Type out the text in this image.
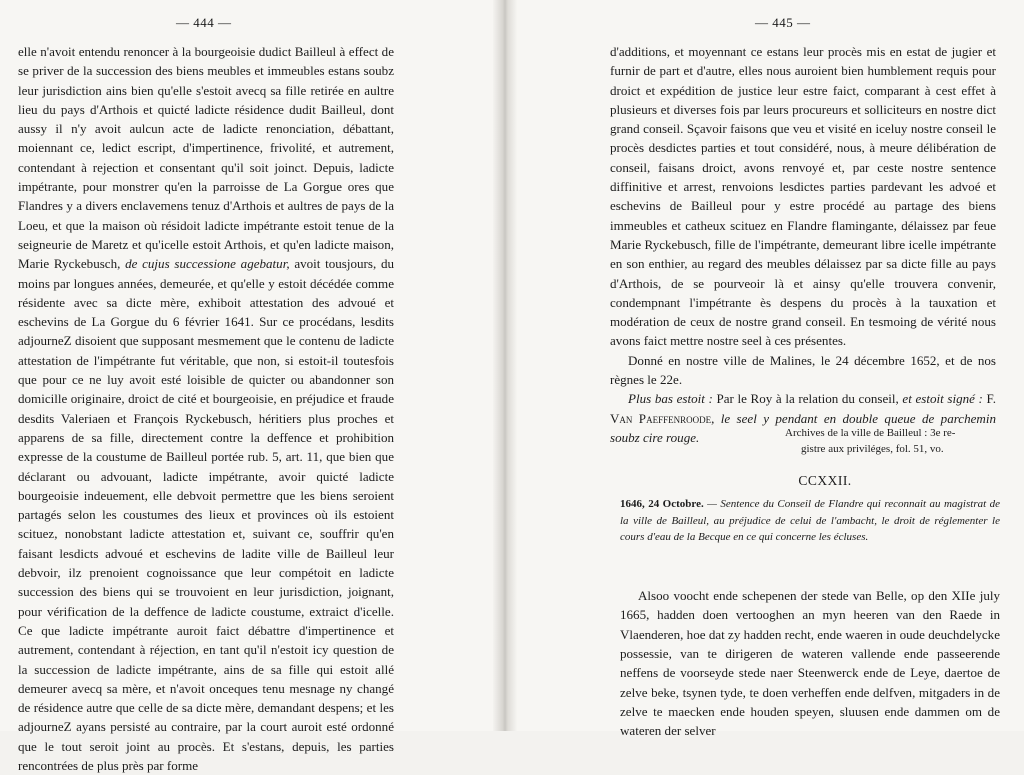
— 444 —

elle n'avoit entendu renoncer à la bourgeoisie dudict Bailleul à effect de se priver de la succession des biens meubles et immeubles estans soubz leur jurisdiction ains bien qu'elle s'estoit avecq sa fille retirée en aultre lieu du pays d'Arthois et quicté ladicte résidence dudit Bailleul, dont aussy il n'y avoit aulcun acte de ladicte renonciation, débattant, moiennant ce, ledict escript, d'impertinence, frivolité, et autrement, contendant à rejection et consentant qu'il soit joinct. Depuis, ladicte impétrante, pour monstrer qu'en la parroisse de La Gorgue ores que Flandres y a divers enclavemens tenuz d'Arthois et aultres de pays de la Loeu, et que la maison où résidoit ladicte impétrante estoit tenue de la seigneurie de Maretz et qu'icelle estoit Arthois, et qu'en ladicte maison, Marie Ryckebusch, de cujus successione agebatur, avoit tousjours, du moins par longues années, demeurée, et qu'elle y estoit décédée comme résidente avec sa dicte mère, exhiboit attestation des advoué et eschevins de La Gorgue du 6 février 1641. Sur ce procédans, lesdits adjourneZ disoient que supposant mesmement que le contenu de ladicte attestation de l'impétrante fut véritable, que non, si estoit-il toutesfois que pour ce ne luy avoit esté loisible de quicter ou abandonner son domicille originaire, droict de cité et bourgeoisie, en préjudice et fraude desdits Valeriaen et François Ryckebusch, héritiers plus proches et apparens de sa fille, directement contre la deffence et prohibition expresse de la coustume de Bailleul portée rub. 5, art. 11, que bien que déclarant ou advouant, ladicte impétrante, avoir quicté ladicte bourgeoisie indeuement, elle debvoit permettre que les biens seroient partagés selon les coustumes des lieux et provinces où ils estoient scituez, nonobstant ladicte attestation et, suivant ce, souffrir qu'en faisant lesdicts advoué et eschevins de ladite ville de Bailleul leur debvoir, ilz prenoient cognoissance que leur compétoit en ladicte succession des biens qui se trouvoient en leur jurisdiction, joignant, pour vérification de la deffence de ladicte coustume, extraict d'icelle. Ce que ladicte impétrante auroit faict débattre d'impertinence et autrement, contendant à réjection, en tant qu'il n'estoit icy question de la succession de ladicte impétrante, ains de sa fille qui estoit allé demeurer avecq sa mère, et n'avoit onceques tenu mesnage ny changé de résidence autre que celle de sa dicte mère, demandant despens; et les adjourneZ ayans persisté au contraire, par la court auroit esté ordonné que le tout seroit joint au procès. Et s'estans, depuis, les parties rencontrées de plus près par forme

— 445 —

d'additions, et moyennant ce estans leur procès mis en estat de jugier et furnir de part et d'autre, elles nous auroient bien humblement requis pour droict et expédition de justice leur estre faict, comparant à cest effet à plusieurs et diverses fois par leurs procureurs et solliciteurs en nostre dict grand conseil. Sçavoir faisons que veu et visité en iceluy nostre conseil le procès desdictes parties et tout considéré, nous, à meure délibération de conseil, faisans droict, avons renvoyé et, par ceste nostre sentence diffinitive et arrest, renvoions lesdictes parties pardevant les advoé et eschevins de Bailleul pour y estre procédé au partage des biens immeubles et catheux scituez en Flandre flamingante, délaissez par feue Marie Ryckebusch, fille de l'impétrante, demeurant libre icelle impétrante en son enthier, au regard des meubles délaissez par sa dicte fille au pays d'Arthois, de se pourveoir là et ainsy qu'elle trouvera convenir, condempnant l'impétrante ès despens du procès à la tauxation et modération de ceux de nostre grand conseil. En tesmoing de vérité nous avons faict mettre nostre seel à ces présentes.

Donné en nostre ville de Malines, le 24 décembre 1652, et de nos règnes le 22e.

Plus bas estoit : Par le Roy à la relation du conseil, et estoit signé : F. Van Paeffenroode, le seel y pendant en double queue de parchemin soubz cire rouge.	Archives de la ville de Bailleul : 3e re-
gistre aux priviléges, fol. 51, vo.
CCXXII.
1646, 24 Octobre. — Sentence du Conseil de Flandre qui reconnait au magistrat de la ville de Bailleul, au préjudice de celui de l'ambacht, le droit de réglementer le cours d'eau de la Becque en ce qui concerne les écluses.

Alsoo voocht ende schepenen der stede van Belle, op den XIIe july 1665, hadden doen vertooghen an myn heeren van den Raede in Vlaenderen, hoe dat zy hadden recht, ende waeren in oude deuchdelycke possessie, van te dirigeren de wateren vallende ende passeerende neffens de voorseyde stede naer Steenwerck ende de Leye, daertoe de zelve beke, tsynen tyde, te doen verheffen ende delfven, mitgaders in de zelve te maecken ende houden speyen, sluusen ende dammen om de wateren der selver
